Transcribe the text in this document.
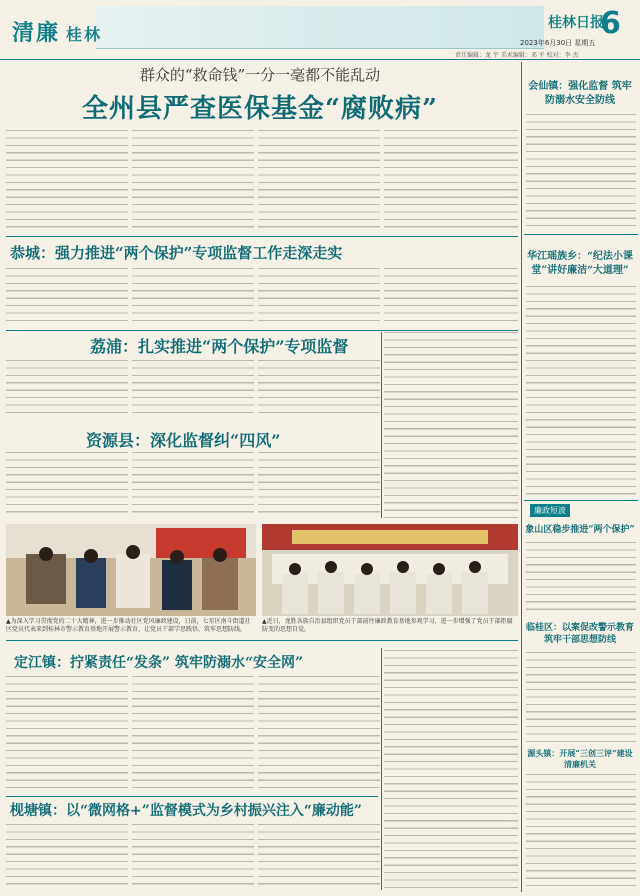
清廉 桂林
桂林日报
6
2023年6月30日 星期五
责任编辑：龙 宇 美术编辑：邓 平 校对：李 杰
群众的“救命钱”一分一毫都不能乱动
全州县严查医保基金“腐败病”
恭城：强力推进“两个保护”专项监督工作走深走实
荔浦：扎实推进“两个保护”专项监督
资源县：深化监督纠“四风”
▲为深入学习贯彻党的二十大精神，进一步推动社区党风廉政建设，日前，七星区南斗街道社区党员代表来到桂林市警示教育基地开展警示教育，让党员干部学思践悟、筑牢思想防线。
▲近日，龙胜各族自治县组织党员干部前往廉政教育基地参观学习，进一步增强了党员干部拒腐防变的思想自觉。
定江镇：拧紧责任“发条” 筑牢防溺水“安全网”
枧塘镇：以“微网格+”监督模式为乡村振兴注入“廉动能”
会仙镇：强化监督 筑牢防溺水安全防线
华江瑶族乡：“纪法小课堂”讲好廉洁“大道理”
廉政短波
象山区稳步推进“两个保护”
临桂区：以案促改警示教育 筑牢干部思想防线
源头镇：开展“三创三评”建设清廉机关
